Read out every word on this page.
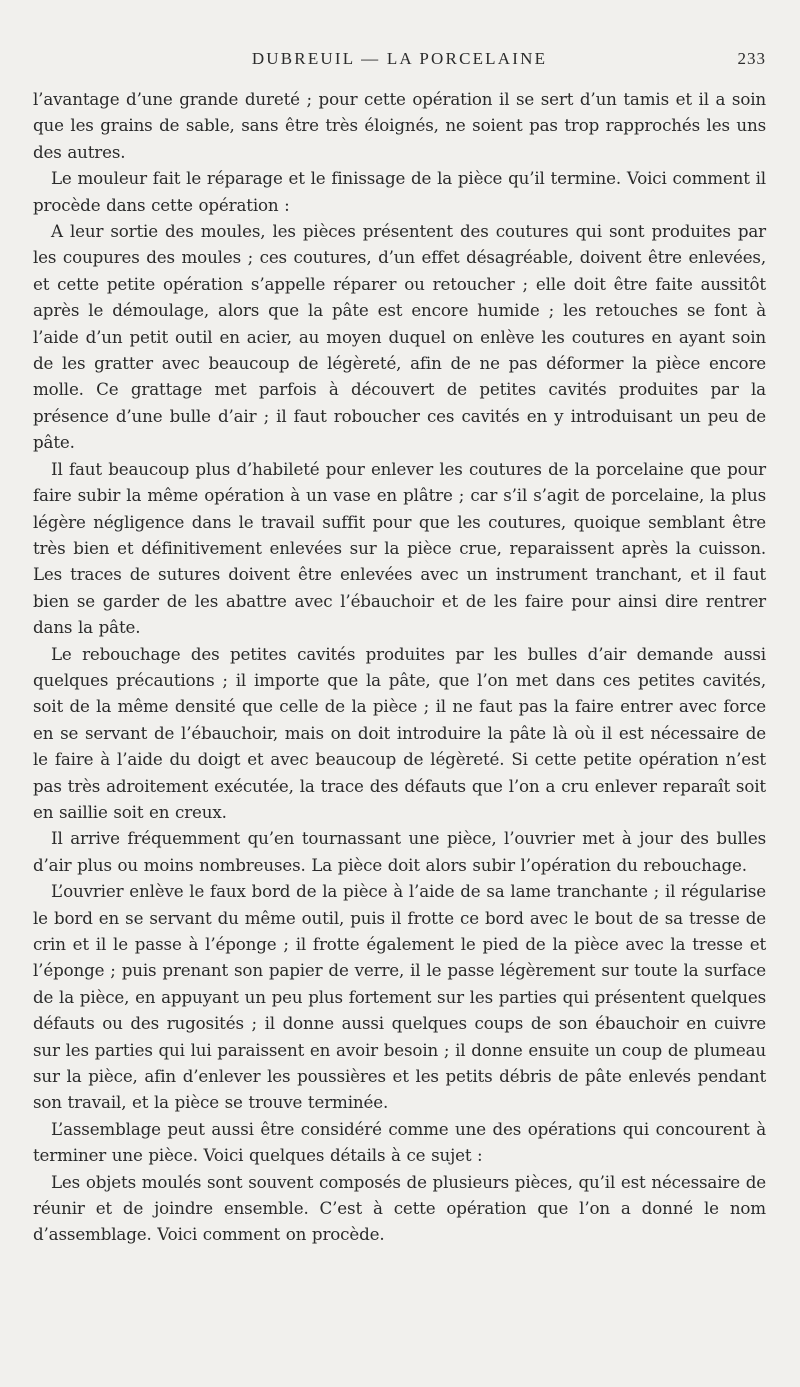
DUBREUIL — LA PORCELAINE	233

l’avantage d’une grande dureté ; pour cette opération il se sert d’un tamis et il a soin que les grains de sable, sans être très éloignés, ne soient pas trop rapprochés les uns des autres.

Le mouleur fait le réparage et le finissage de la pièce qu’il termine. Voici comment il procède dans cette opération :

A leur sortie des moules, les pièces présentent des coutures qui sont produites par les coupures des moules ; ces coutures, d’un effet désagréable, doivent être enlevées, et cette petite opération s’appelle réparer ou retoucher ; elle doit être faite aussitôt après le démoulage, alors que la pâte est encore humide ; les retouches se font à l’aide d’un petit outil en acier, au moyen duquel on enlève les coutures en ayant soin de les gratter avec beaucoup de légèreté, afin de ne pas déformer la pièce encore molle. Ce grattage met parfois à découvert de petites cavités produites par la présence d’une bulle d’air ; il faut roboucher ces cavités en y introduisant un peu de pâte.

Il faut beaucoup plus d’habileté pour enlever les coutures de la porcelaine que pour faire subir la même opération à un vase en plâtre ; car s’il s’agit de porcelaine, la plus légère négligence dans le travail suffit pour que les coutures, quoique semblant être très bien et définitivement enlevées sur la pièce crue, reparaissent après la cuisson. Les traces de sutures doivent être enlevées avec un instrument tranchant, et il faut bien se garder de les abattre avec l’ébauchoir et de les faire pour ainsi dire rentrer dans la pâte.

Le rebouchage des petites cavités produites par les bulles d’air demande aussi quelques précautions ; il importe que la pâte, que l’on met dans ces petites cavités, soit de la même densité que celle de la pièce ; il ne faut pas la faire entrer avec force en se servant de l’ébauchoir, mais on doit introduire la pâte là où il est nécessaire de le faire à l’aide du doigt et avec beaucoup de légèreté. Si cette petite opération n’est pas très adroitement exécutée, la trace des défauts que l’on a cru enlever reparaît soit en saillie soit en creux.

Il arrive fréquemment qu’en tournassant une pièce, l’ouvrier met à jour des bulles d’air plus ou moins nombreuses. La pièce doit alors subir l’opération du rebouchage.

L’ouvrier enlève le faux bord de la pièce à l’aide de sa lame tranchante ; il régularise le bord en se servant du même outil, puis il frotte ce bord avec le bout de sa tresse de crin et il le passe à l’éponge ; il frotte également le pied de la pièce avec la tresse et l’éponge ; puis prenant son papier de verre, il le passe légèrement sur toute la surface de la pièce, en appuyant un peu plus fortement sur les parties qui présentent quelques défauts ou des rugosités ; il donne aussi quelques coups de son ébauchoir en cuivre sur les parties qui lui paraissent en avoir besoin ; il donne ensuite un coup de plumeau sur la pièce, afin d’enlever les poussières et les petits débris de pâte enlevés pendant son travail, et la pièce se trouve terminée.

L’assemblage peut aussi être considéré comme une des opérations qui concourent à terminer une pièce. Voici quelques détails à ce sujet :

Les objets moulés sont souvent composés de plusieurs pièces, qu’il est nécessaire de réunir et de joindre ensemble. C’est à cette opération que l’on a donné le nom d’assemblage. Voici comment on procède.
